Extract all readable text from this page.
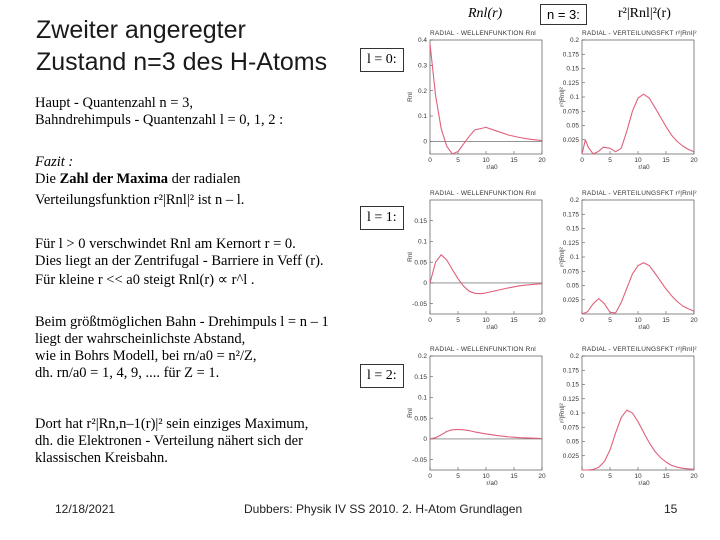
Zweiter angeregter
Zustand n=3 des H-Atoms
Rnl(r)	n = 3:	r²|Rnl|²(r)
Haupt - Quantenzahl n = 3,
Bahndrehimpuls - Quantenzahl l = 0, 1, 2 :
Fazit :
Die Zahl der Maxima der radialen
Verteilungsfunktion r²|Rnl|² ist n – l.
Für l > 0 verschwindet Rnl am Kernort r = 0.
Dies liegt an der Zentrifugal - Barriere in Veff (r).
Für kleine r << a0 steigt Rnl(r) ∝ r^l .
Beim größtmöglichen Bahn - Drehimpuls l = n – 1
liegt der wahrscheinlichste Abstand,
wie in Bohrs Modell, bei rn/a0 = n²/Z,
dh. rn/a0 = 1, 4, 9, .... für Z = 1.
Dort hat r²|Rn,n–1(r)|² sein einziges Maximum,
dh. die Elektronen - Verteilung nähert sich der
klassischen Kreisbahn.
l = 0:
l = 1:
l = 2:
RADIAL - WELLENFUNKTION Rnl
0.4
0.3
0.2
0.1
0
0	5	10	15	20
r/a0
Rnl
RADIAL - VERTEILUNGSFKT r²|Rnl|²
0.2
0.175
0.15
0.125
0.1
0.075
0.05
0.025
0	5	10	15	20
r/a0
r²|Rnl|²
RADIAL - WELLENFUNKTION Rnl
0.15
0.1
0.05
0
-0.05
0	5	10	15	20
r/a0
Rnl
RADIAL - VERTEILUNGSFKT r²|Rnl|²
0.2
0.175
0.15
0.125
0.1
0.075
0.05
0.025
0	5	10	15	20
r/a0
r²|Rnl|²
RADIAL - WELLENFUNKTION Rnl
0.2
0.15
0.1
0.05
0
-0.05
0	5	10	15	20
r/a0
Rnl
RADIAL - VERTEILUNGSFKT r²|Rnl|²
0.2
0.175
0.15
0.125
0.1
0.075
0.05
0.025
0	5	10	15	20
r/a0
r²|Rnl|²
12/18/2021	Dubbers: Physik IV SS 2010. 2. H-Atom Grundlagen	15
